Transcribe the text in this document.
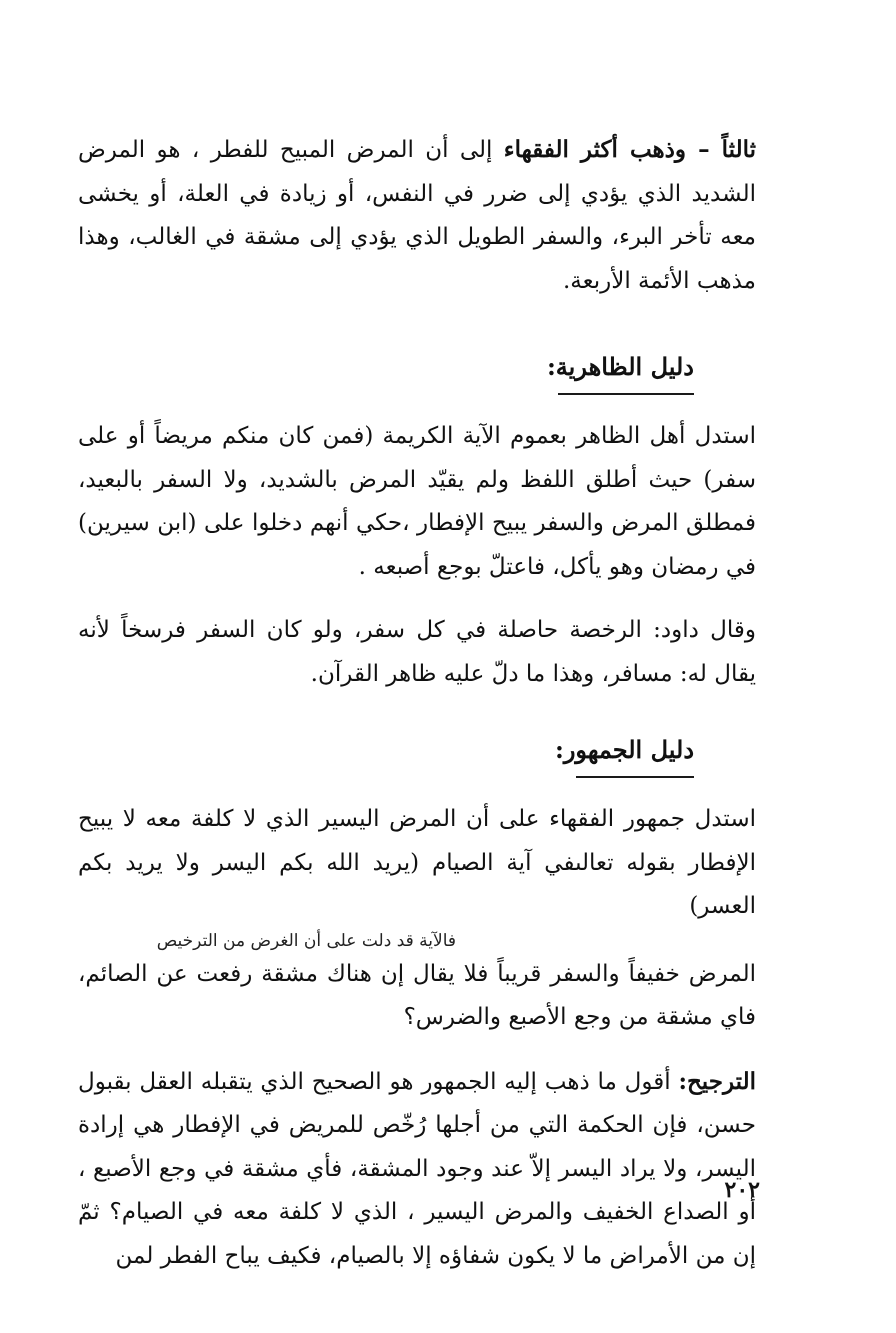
ثالثاً – وذهب أكثر الفقهاء إلى أن المرض المبيح للفطر ، هو المرض الشديد الذي يؤدي إلى ضرر في النفس، أو زيادة في العلة، أو يخشى معه تأخر البرء، والسفر الطويل الذي يؤدي إلى مشقة في الغالب، وهذا مذهب الأئمة الأربعة.

دليل الظاهرية:

استدل أهل الظاهر بعموم الآية الكريمة (فمن كان منكم مريضاً أو على سفر) حيث أطلق اللفظ ولم يقيّد المرض بالشديد، ولا السفر بالبعيد، فمطلق المرض والسفر يبيح الإفطار ،حكي أنهم دخلوا على (ابن سيرين) في رمضان وهو يأكل، فاعتلّ بوجع أصبعه .

وقال داود: الرخصة حاصلة في كل سفر، ولو كان السفر فرسخاً لأنه يقال له: مسافر، وهذا ما دلّ عليه ظاهر القرآن.

دليل الجمهور:

استدل جمهور الفقهاء على أن المرض اليسير الذي لا كلفة معه لا يبيح الإفطار بقوله تعالىفي آية الصيام (يريد الله بكم اليسر ولا يريد بكم العسر)

فالآية قد دلت على أن الغرض من الترخيص

المرض خفيفاً والسفر قريباً فلا يقال إن هناك مشقة رفعت عن الصائم، فاي مشقة من وجع الأصبع والضرس؟

الترجيح: أقول ما ذهب إليه الجمهور هو الصحيح الذي يتقبله العقل بقبول حسن، فإن الحكمة التي من أجلها رُخّص للمريض في الإفطار هي إرادة اليسر، ولا يراد اليسر إلاّ عند وجود المشقة، فأي مشقة في وجع الأصبع ، أو الصداع الخفيف والمرض اليسير ، الذي لا كلفة معه في الصيام؟ ثمّ إن من الأمراض ما لا يكون شفاؤه إلا بالصيام، فكيف يباح الفطر لمن

٢٠٢
